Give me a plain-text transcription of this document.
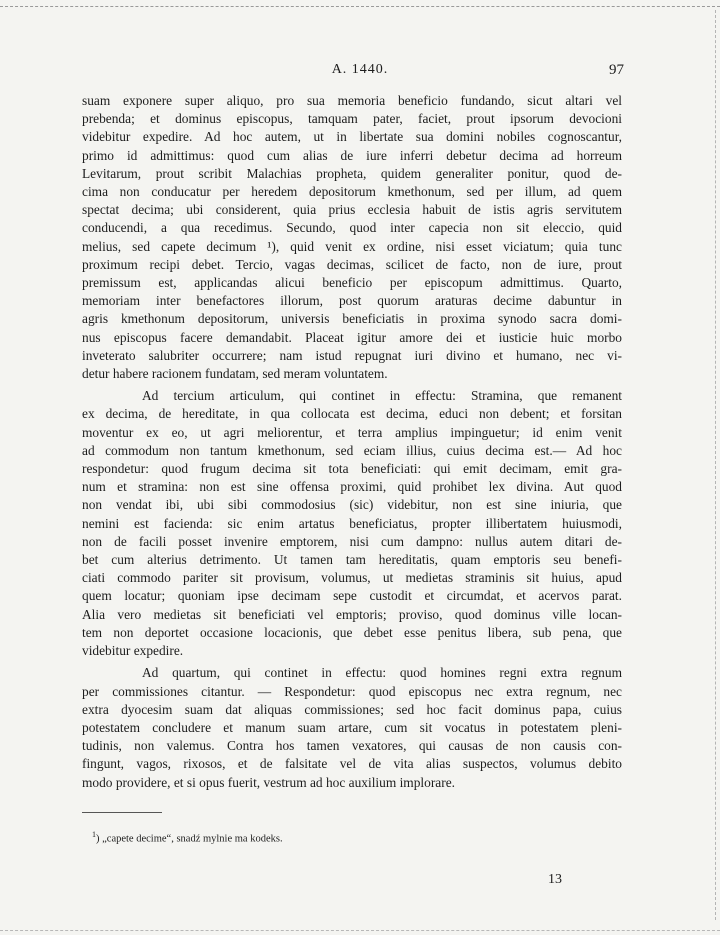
A. 1440.	97
suam exponere super aliquo, pro sua memoria beneficio fundando, sicut altari vel
prebenda; et dominus episcopus, tamquam pater, faciet, prout ipsorum devocioni
videbitur expedire. Ad hoc autem, ut in libertate sua domini nobiles cognoscantur,
primo id admittimus: quod cum alias de iure inferri debetur decima ad horreum
Levitarum, prout scribit Malachias propheta, quidem generaliter ponitur, quod de-
cima non conducatur per heredem depositorum kmethonum, sed per illum, ad quem
spectat decima; ubi considerent, quia prius ecclesia habuit de istis agris servitutem
conducendi, a qua recedimus. Secundo, quod inter capecia non sit eleccio, quid
melius, sed capete decimum ¹), quid venit ex ordine, nisi esset viciatum; quia tunc
proximum recipi debet. Tercio, vagas decimas, scilicet de facto, non de iure, prout
premissum est, applicandas alicui beneficio per episcopum admittimus. Quarto,
memoriam inter benefactores illorum, post quorum araturas decime dabuntur in
agris kmethonum depositorum, universis beneficiatis in proxima synodo sacra domi-
nus episcopus facere demandabit. Placeat igitur amore dei et iusticie huic morbo
inveterato salubriter occurrere; nam istud repugnat iuri divino et humano, nec vi-
detur habere racionem fundatam, sed meram voluntatem.
Ad tercium articulum, qui continet in effectu: Stramina, que remanent
ex decima, de hereditate, in qua collocata est decima, educi non debent; et forsitan
moventur ex eo, ut agri meliorentur, et terra amplius impinguetur; id enim venit
ad commodum non tantum kmethonum, sed eciam illius, cuius decima est.— Ad hoc
respondetur: quod frugum decima sit tota beneficiati: qui emit decimam, emit gra-
num et stramina: non est sine offensa proximi, quid prohibet lex divina. Aut quod
non vendat ibi, ubi sibi commodosius (sic) videbitur, non est sine iniuria, que
nemini est facienda: sic enim artatus beneficiatus, propter illibertatem huiusmodi,
non de facili posset invenire emptorem, nisi cum dampno: nullus autem ditari de-
bet cum alterius detrimento. Ut tamen tam hereditatis, quam emptoris seu benefi-
ciati commodo pariter sit provisum, volumus, ut medietas straminis sit huius, apud
quem locatur; quoniam ipse decimam sepe custodit et circumdat, et acervos parat.
Alia vero medietas sit beneficiati vel emptoris; proviso, quod dominus ville locan-
tem non deportet occasione locacionis, que debet esse penitus libera, sub pena, que
videbitur expedire.
Ad quartum, qui continet in effectu: quod homines regni extra regnum
per commissiones citantur. — Respondetur: quod episcopus nec extra regnum, nec
extra dyocesim suam dat aliquas commissiones; sed hoc facit dominus papa, cuius
potestatem concludere et manum suam artare, cum sit vocatus in potestatem pleni-
tudinis, non valemus. Contra hos tamen vexatores, qui causas de non causis con-
fingunt, vagos, rixosos, et de falsitate vel de vita alias suspectos, volumus debito
modo providere, et si opus fuerit, vestrum ad hoc auxilium implorare.
$^1$) „capete decime“, snadź mylnie ma kodeks.
13
